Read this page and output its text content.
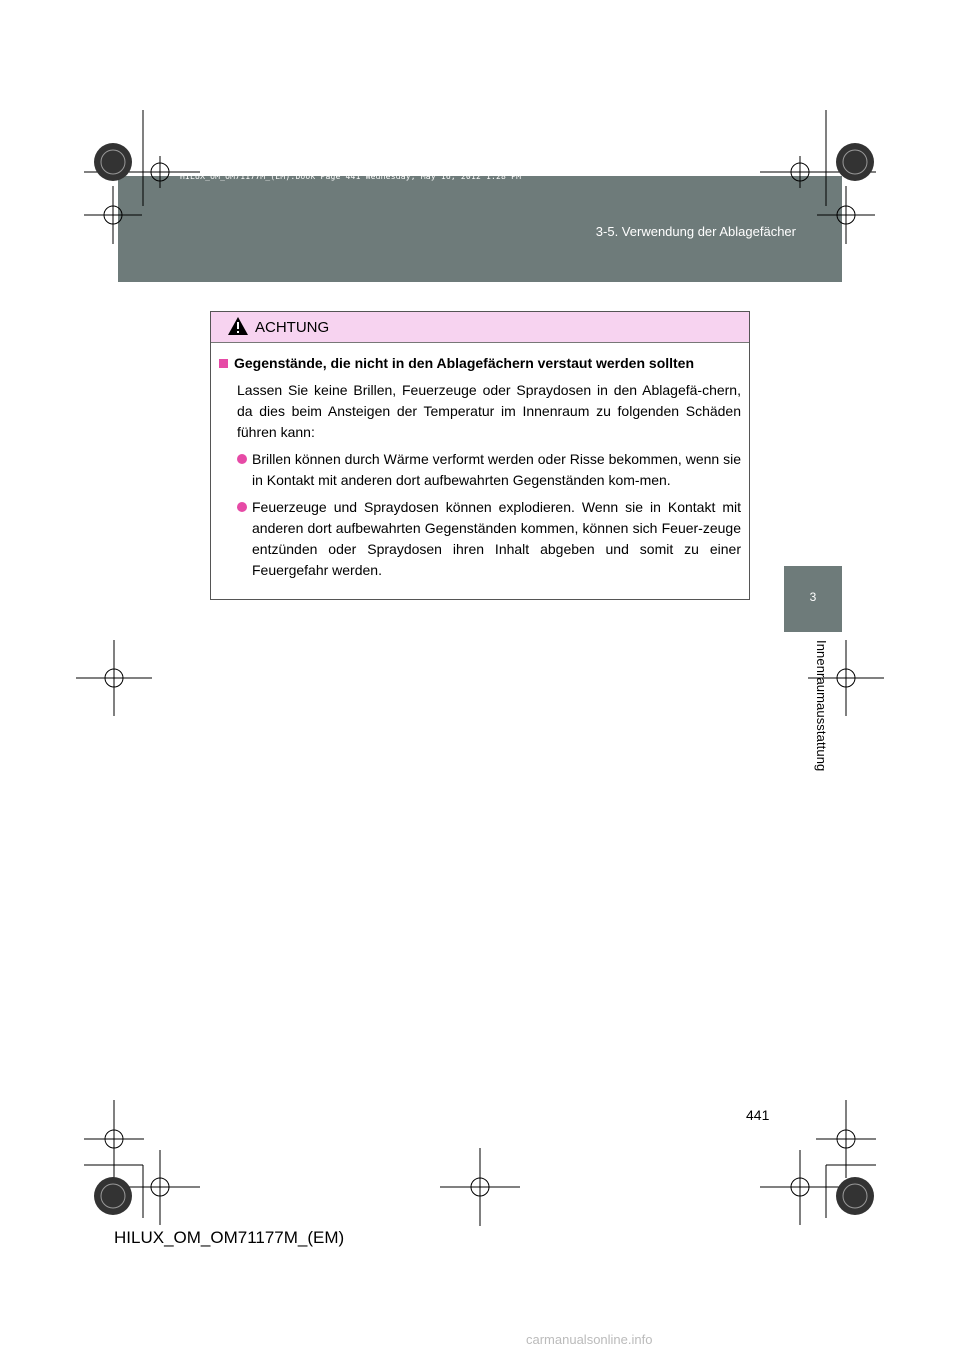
HILUX_OM_OM71177M_(EM).book Page 441 Wednesday, May 16, 2012 1:28 PM
3-5. Verwendung der Ablagefächer
3
Innenraumausstattung
ACHTUNG
Gegenstände, die nicht in den Ablagefächern verstaut werden sollten
Lassen Sie keine Brillen, Feuerzeuge oder Spraydosen in den Ablagefä-chern, da dies beim Ansteigen der Temperatur im Innenraum zu folgenden Schäden führen kann:
Brillen können durch Wärme verformt werden oder Risse bekommen, wenn sie in Kontakt mit anderen dort aufbewahrten Gegenständen kom-men.
Feuerzeuge und Spraydosen können explodieren. Wenn sie in Kontakt mit anderen dort aufbewahrten Gegenständen kommen, können sich Feuer-zeuge entzünden oder Spraydosen ihren Inhalt abgeben und somit zu einer Feuergefahr werden.
441
HILUX_OM_OM71177M_(EM)
carmanualsonline.info
